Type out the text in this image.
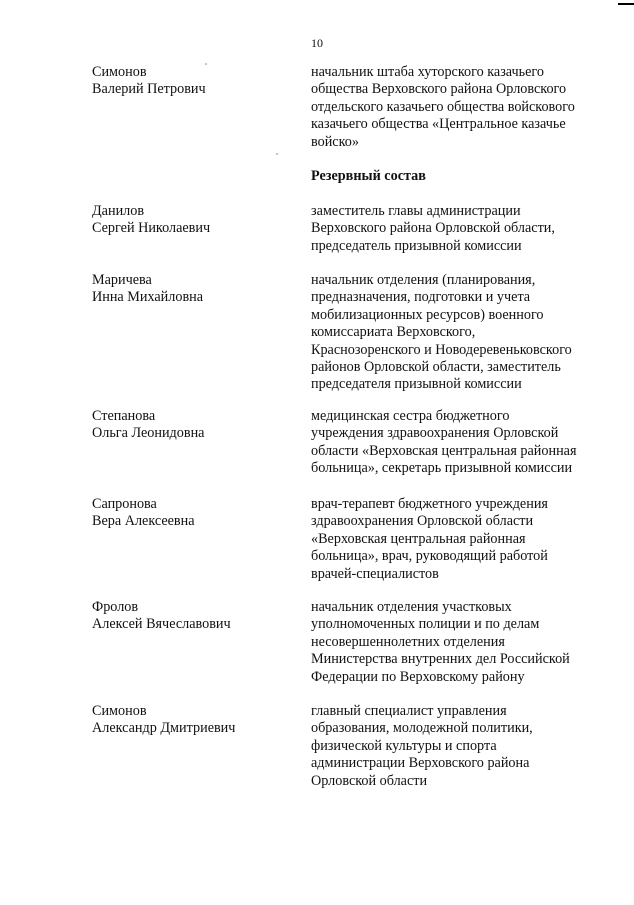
10
Симонов
Валерий Петрович
начальник штаба хуторского казачьего
общества Верховского района Орловского
отдельского казачьего общества войскового
казачьего общества «Центральное казачье
войско»
Резервный состав
Данилов
Сергей Николаевич
заместитель главы администрации
Верховского района Орловской области,
председатель призывной комиссии
Маричева
Инна Михайловна
начальник отделения (планирования,
предназначения, подготовки и учета
мобилизационных ресурсов) военного
комиссариата Верховского,
Краснозоренского и Новодеревеньковского
районов Орловской области, заместитель
председателя призывной комиссии
Степанова
Ольга Леонидовна
медицинская сестра бюджетного
учреждения здравоохранения Орловской
области «Верховская центральная районная
больница», секретарь призывной комиссии
Сапронова
Вера Алексеевна
врач-терапевт бюджетного учреждения
здравоохранения Орловской области
«Верховская центральная районная
больница», врач, руководящий работой
врачей-специалистов
Фролов
Алексей Вячеславович
начальник отделения участковых
уполномоченных полиции и по делам
несовершеннолетних отделения
Министерства внутренних дел Российской
Федерации по Верховскому району
Симонов
Александр Дмитриевич
главный специалист управления
образования, молодежной политики,
физической культуры и спорта
администрации Верховского района
Орловской области
